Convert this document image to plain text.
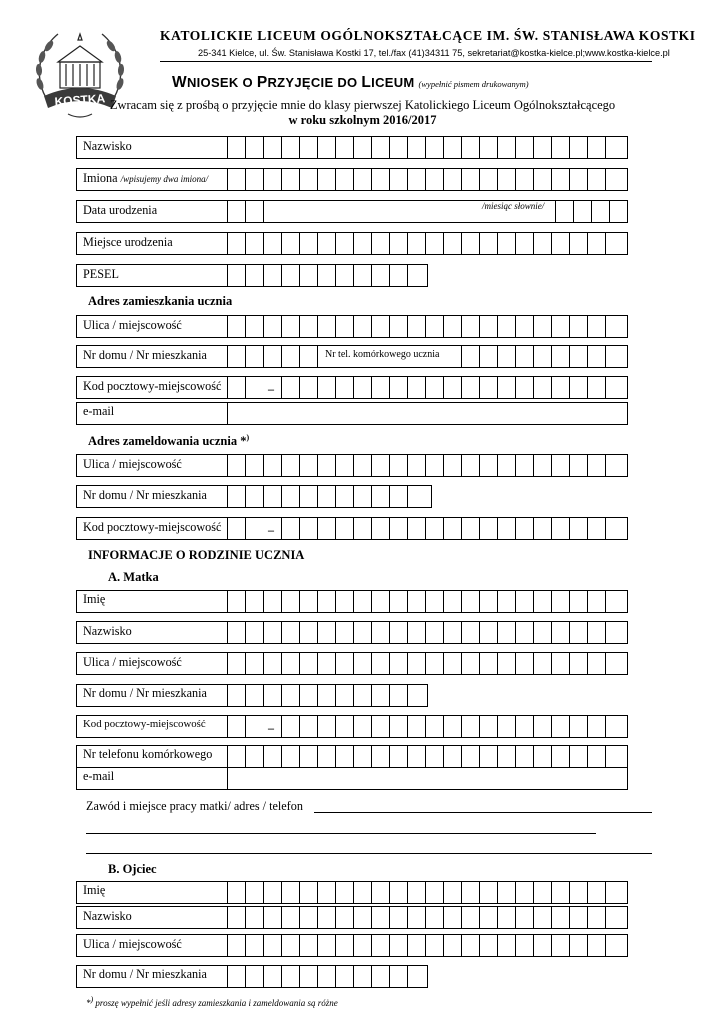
KOSTKA
KATOLICKIE LICEUM OGÓLNOKSZTAŁCĄCE IM. ŚW. STANISŁAWA KOSTKI
25-341 Kielce, ul. Św. Stanisława Kostki 17, tel./fax (41)34311 75, sekretariat@kostka-kielce.pl;www.kostka-kielce.pl
WNIOSEK O PRZYJĘCIE DO LICEUM (wypełnić pismem drukowanym)
Zwracam się z prośbą o przyjęcie mnie do klasy pierwszej Katolickiego Liceum Ogólnokształcącego
w roku szkolnym 2016/2017
Nazwisko
Imiona /wpisujemy dwa imiona/
Data urodzenia	/miesiąc słownie/
Miejsce urodzenia
PESEL
Adres zamieszkania ucznia
Ulica / miejscowość
Nr domu / Nr mieszkania	Nr tel. komórkowego ucznia
Kod pocztowy-miejscowość	–
e-mail
Adres zameldowania ucznia *)
Ulica / miejscowość
Nr domu / Nr mieszkania
Kod pocztowy-miejscowość	–
INFORMACJE O RODZINIE UCZNIA
A. Matka
Imię
Nazwisko
Ulica / miejscowość
Nr domu / Nr mieszkania
Kod pocztowy-miejscowość	–
Nr telefonu komórkowego
e-mail
Zawód i miejsce pracy matki/ adres / telefon
B. Ojciec
Imię
Nazwisko
Ulica / miejscowość
Nr domu / Nr mieszkania
*) proszę wypełnić jeśli adresy zamieszkania i zameldowania są różne
